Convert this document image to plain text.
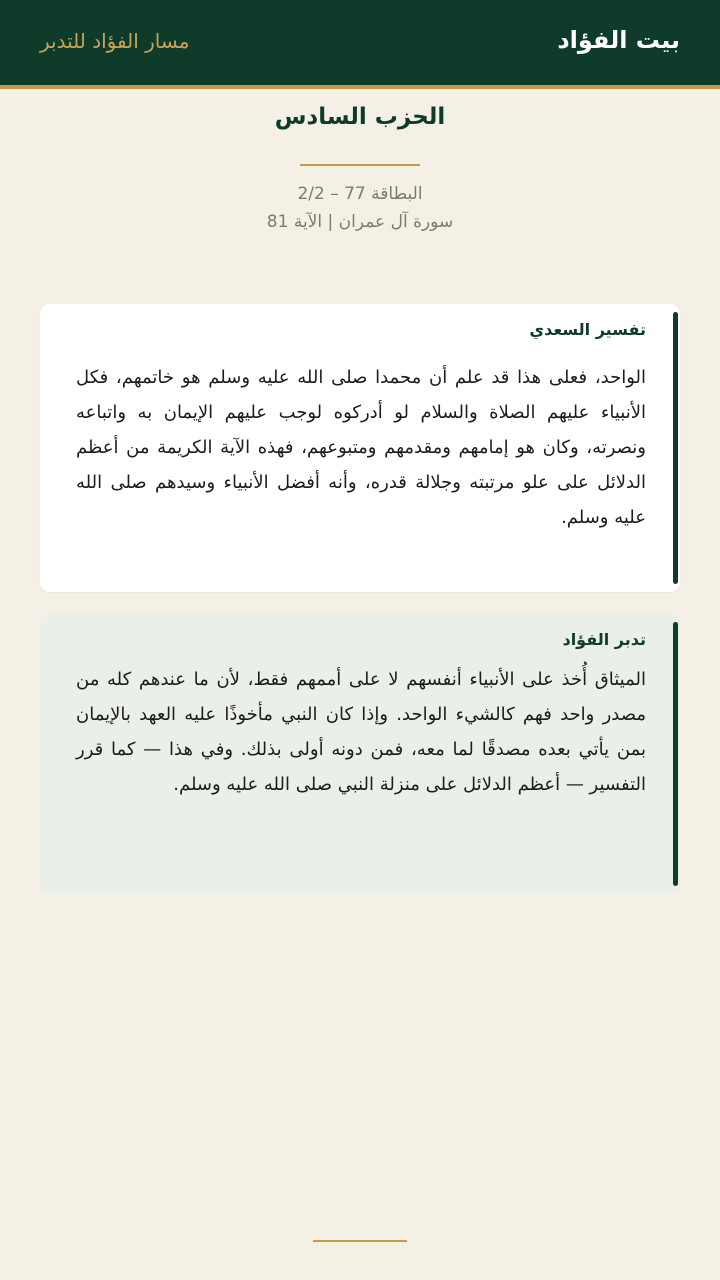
بيت الفؤاد
مسار الفؤاد للتدبر
الحزب السادس
البطاقة 77 – 2/2
سورة آل عمران | الآية 81
تفسير السعدي
الواحد، فعلى هذا قد علم أن محمدا صلى الله عليه وسلم هو خاتمهم، فكل الأنبياء عليهم الصلاة والسلام لو أدركوه لوجب عليهم الإيمان به واتباعه ونصرته، وكان هو إمامهم ومقدمهم ومتبوعهم، فهذه الآية الكريمة من أعظم الدلائل على علو مرتبته وجلالة قدره، وأنه أفضل الأنبياء وسيدهم صلى الله عليه وسلم.
تدبر الفؤاد
الميثاق أُخذ على الأنبياء أنفسهم لا على أممهم فقط، لأن ما عندهم كله من مصدر واحد فهم كالشيء الواحد. وإذا كان النبي مأخوذًا عليه العهد بالإيمان بمن يأتي بعده مصدقًا لما معه، فمن دونه أولى بذلك. وفي هذا — كما قرر التفسير — أعظم الدلائل على منزلة النبي صلى الله عليه وسلم.
